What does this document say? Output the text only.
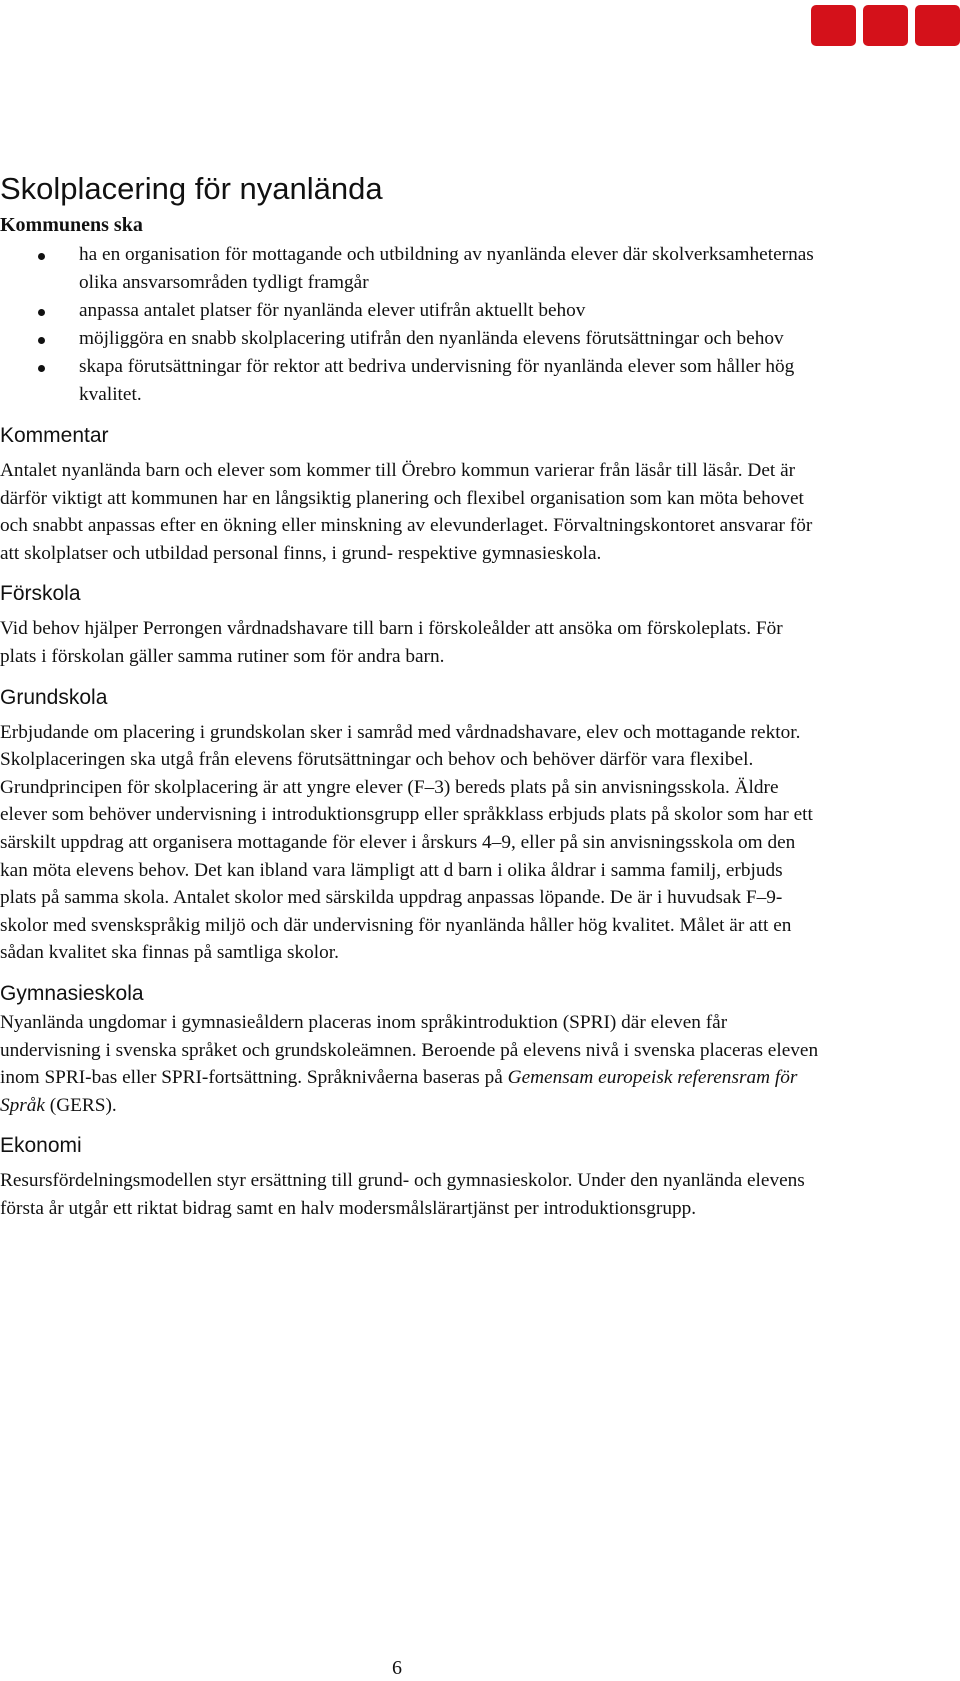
Skolplacering för nyanlända
Kommunens ska
ha en organisation för mottagande och utbildning av nyanlända elever där skolverksamheternas olika ansvarsområden tydligt framgår
anpassa antalet platser för nyanlända elever utifrån aktuellt behov
möjliggöra en snabb skolplacering utifrån den nyanlända elevens förutsättningar och behov
skapa förutsättningar för rektor att bedriva undervisning för nyanlända elever som håller hög kvalitet.
Kommentar

Antalet nyanlända barn och elever som kommer till Örebro kommun varierar från läsår till läsår. Det är därför viktigt att kommunen har en långsiktig planering och flexibel organisation som kan möta behovet och snabbt anpassas efter en ökning eller minskning av elevunderlaget. Förvaltningskontoret ansvarar för att skolplatser och utbildad personal finns, i grund- respektive gymnasieskola.

Förskola

Vid behov hjälper Perrongen vårdnadshavare till barn i förskoleålder att ansöka om förskoleplats. För plats i förskolan gäller samma rutiner som för andra barn.

Grundskola

Erbjudande om placering i grundskolan sker i samråd med vårdnadshavare, elev och mottagande rektor. Skolplaceringen ska utgå från elevens förutsättningar och behov och behöver därför vara flexibel. Grundprincipen för skolplacering är att yngre elever (F–3) bereds plats på sin anvisningsskola. Äldre elever som behöver undervisning i introduktionsgrupp eller språkklass erbjuds plats på skolor som har ett särskilt uppdrag att organisera mottagande för elever i årskurs 4–9, eller på sin anvisningsskola om den kan möta elevens behov. Det kan ibland vara lämpligt att d barn i olika åldrar i samma familj, erbjuds plats på samma skola. Antalet skolor med särskilda uppdrag anpassas löpande. De är i huvudsak F–9-skolor med svenskspråkig miljö och där undervisning för nyanlända håller hög kvalitet. Målet är att en sådan kvalitet ska finnas på samtliga skolor.

Gymnasieskola

Nyanlända ungdomar i gymnasieåldern placeras inom språkintroduktion (SPRI) där eleven får undervisning i svenska språket och grundskoleämnen. Beroende på elevens nivå i svenska placeras eleven inom SPRI-bas eller SPRI-fortsättning. Språknivåerna baseras på Gemensam europeisk referensram för Språk (GERS).

Ekonomi

Resursfördelningsmodellen styr ersättning till grund- och gymnasieskolor. Under den nyanlända elevens första år utgår ett riktat bidrag samt en halv modersmålslärartjänst per introduktionsgrupp.

6
